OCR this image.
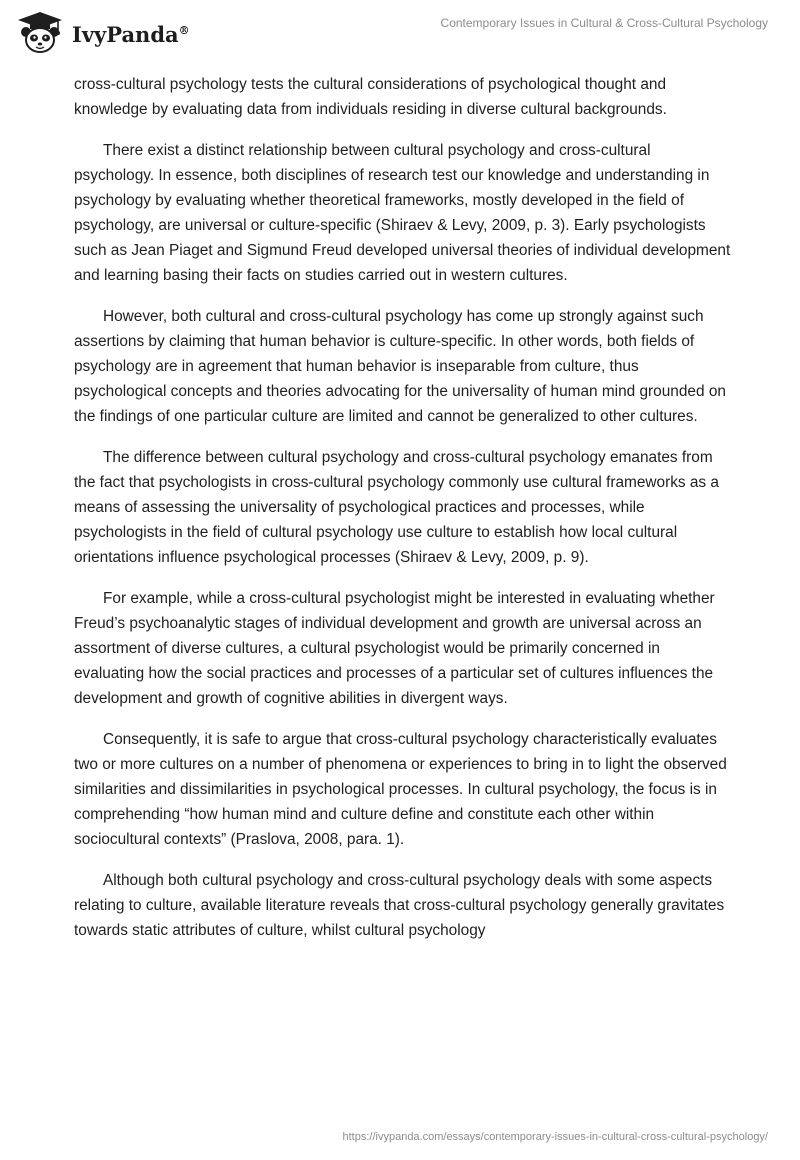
IvyPanda®	Contemporary Issues in Cultural & Cross-Cultural Psychology

cross-cultural psychology tests the cultural considerations of psychological thought and knowledge by evaluating data from individuals residing in diverse cultural backgrounds.

There exist a distinct relationship between cultural psychology and cross-cultural psychology. In essence, both disciplines of research test our knowledge and understanding in psychology by evaluating whether theoretical frameworks, mostly developed in the field of psychology, are universal or culture-specific (Shiraev & Levy, 2009, p. 3). Early psychologists such as Jean Piaget and Sigmund Freud developed universal theories of individual development and learning basing their facts on studies carried out in western cultures.

However, both cultural and cross-cultural psychology has come up strongly against such assertions by claiming that human behavior is culture-specific. In other words, both fields of psychology are in agreement that human behavior is inseparable from culture, thus psychological concepts and theories advocating for the universality of human mind grounded on the findings of one particular culture are limited and cannot be generalized to other cultures.

The difference between cultural psychology and cross-cultural psychology emanates from the fact that psychologists in cross-cultural psychology commonly use cultural frameworks as a means of assessing the universality of psychological practices and processes, while psychologists in the field of cultural psychology use culture to establish how local cultural orientations influence psychological processes (Shiraev & Levy, 2009, p. 9).

For example, while a cross-cultural psychologist might be interested in evaluating whether Freud’s psychoanalytic stages of individual development and growth are universal across an assortment of diverse cultures, a cultural psychologist would be primarily concerned in evaluating how the social practices and processes of a particular set of cultures influences the development and growth of cognitive abilities in divergent ways.

Consequently, it is safe to argue that cross-cultural psychology characteristically evaluates two or more cultures on a number of phenomena or experiences to bring in to light the observed similarities and dissimilarities in psychological processes. In cultural psychology, the focus is in comprehending “how human mind and culture define and constitute each other within sociocultural contexts” (Praslova, 2008, para. 1).

Although both cultural psychology and cross-cultural psychology deals with some aspects relating to culture, available literature reveals that cross-cultural psychology generally gravitates towards static attributes of culture, whilst cultural psychology

https://ivypanda.com/essays/contemporary-issues-in-cultural-cross-cultural-psychology/
